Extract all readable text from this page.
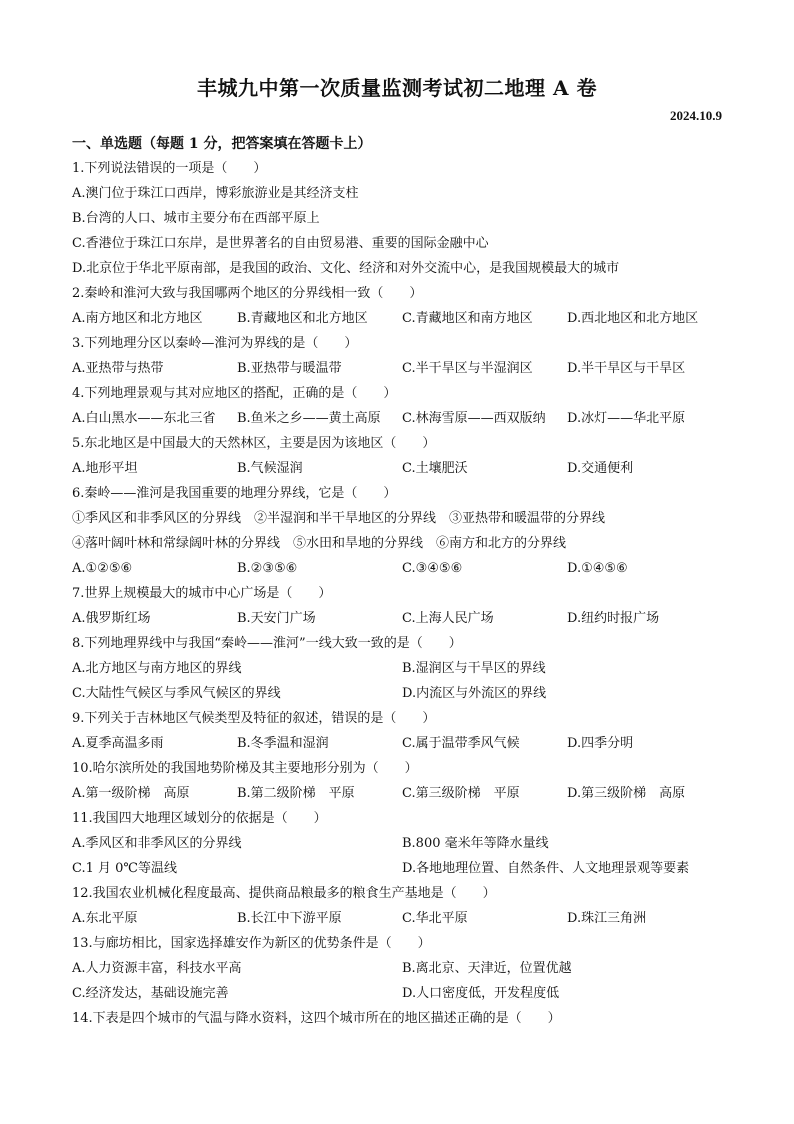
丰城九中第一次质量监测考试初二地理 A 卷
2024.10.9
一、单选题（每题 1 分，把答案填在答题卡上）
1.下列说法错误的一项是（　　）
A.澳门位于珠江口西岸，博彩旅游业是其经济支柱
B.台湾的人口、城市主要分布在西部平原上
C.香港位于珠江口东岸，是世界著名的自由贸易港、重要的国际金融中心
D.北京位于华北平原南部，是我国的政治、文化、经济和对外交流中心，是我国规模最大的城市
2.秦岭和淮河大致与我国哪两个地区的分界线相一致（　　）
A.南方地区和北方地区	B.青藏地区和北方地区	C.青藏地区和南方地区	D.西北地区和北方地区
3.下列地理分区以秦岭—淮河为界线的是（　　）
A.亚热带与热带	B.亚热带与暖温带	C.半干旱区与半湿润区	D.半干旱区与干旱区
4.下列地理景观与其对应地区的搭配，正确的是（　　）
A.白山黑水——东北三省	B.鱼米之乡——黄土高原	C.林海雪原——西双版纳	D.冰灯——华北平原
5.东北地区是中国最大的天然林区，主要是因为该地区（　　）
A.地形平坦	B.气候湿润	C.土壤肥沃	D.交通便利
6.秦岭——淮河是我国重要的地理分界线，它是（　　）
①季风区和非季风区的分界线　②半湿润和半干旱地区的分界线　③亚热带和暖温带的分界线
④落叶阔叶林和常绿阔叶林的分界线　⑤水田和旱地的分界线　⑥南方和北方的分界线
A.①②⑤⑥	B.②③⑤⑥	C.③④⑤⑥	D.①④⑤⑥
7.世界上规模最大的城市中心广场是（　　）
A.俄罗斯红场	B.天安门广场	C.上海人民广场	D.纽约时报广场
8.下列地理界线中与我国“秦岭——淮河”一线大致一致的是（　　）
A.北方地区与南方地区的界线	B.湿润区与干旱区的界线
C.大陆性气候区与季风气候区的界线	D.内流区与外流区的界线
9.下列关于吉林地区气候类型及特征的叙述，错误的是（　　）
A.夏季高温多雨	B.冬季温和湿润	C.属于温带季风气候	D.四季分明
10.哈尔滨所处的我国地势阶梯及其主要地形分别为（　　）
A.第一级阶梯　高原	B.第二级阶梯　平原	C.第三级阶梯　平原	D.第三级阶梯　高原
11.我国四大地理区域划分的依据是（　　）
A.季风区和非季风区的分界线	B.800 毫米年等降水量线
C.1 月 0℃等温线	D.各地地理位置、自然条件、人文地理景观等要素
12.我国农业机械化程度最高、提供商品粮最多的粮食生产基地是（　　）
A.东北平原	B.长江中下游平原	C.华北平原	D.珠江三角洲
13.与廊坊相比，国家选择雄安作为新区的优势条件是（　　）
A.人力资源丰富，科技水平高	B.离北京、天津近，位置优越
C.经济发达，基础设施完善	D.人口密度低，开发程度低
14.下表是四个城市的气温与降水资料，这四个城市所在的地区描述正确的是（　　）
